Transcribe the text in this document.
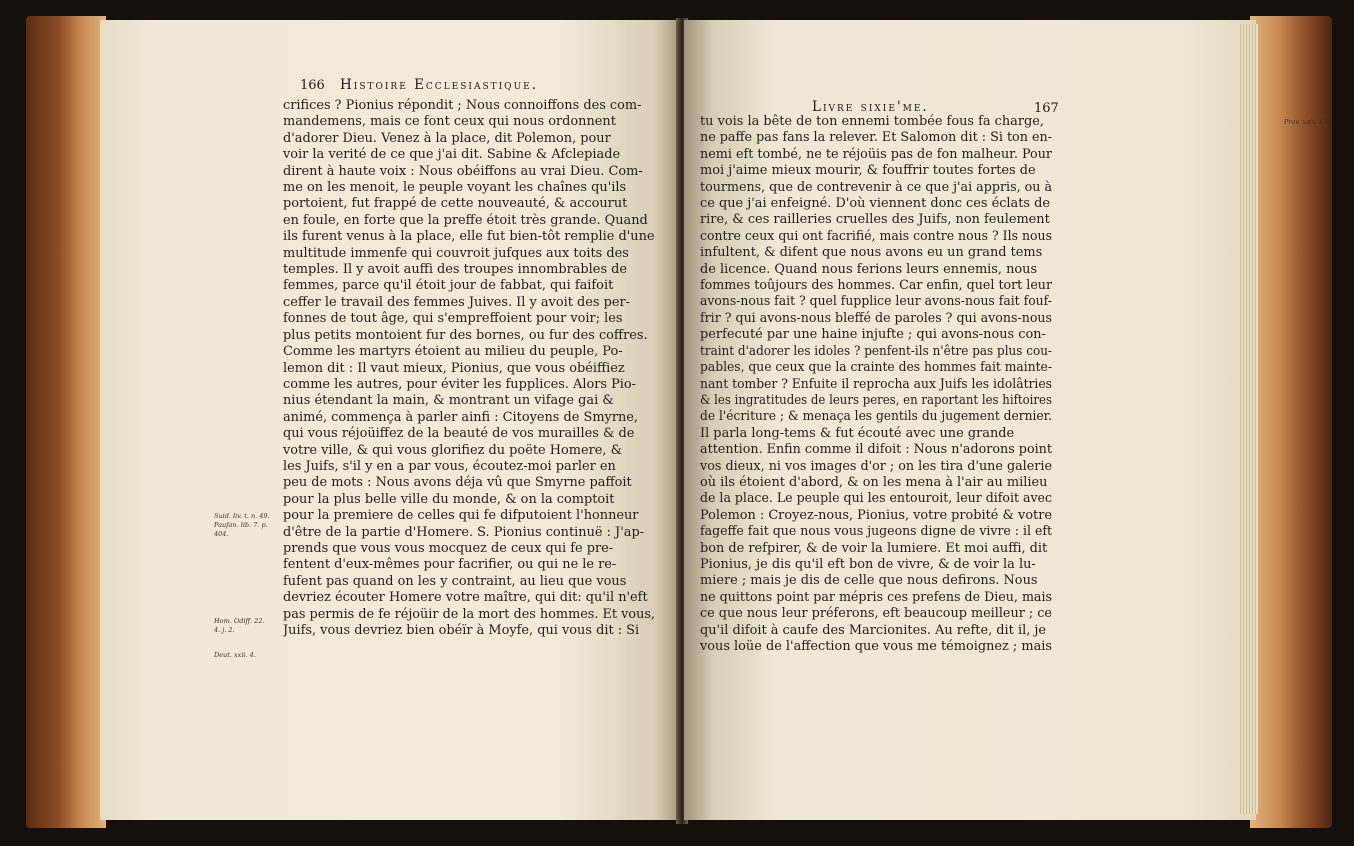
166 Histoire Ecclesiastique.
crifices ? Pionius répondit ; Nous connoiffons des com-
mandemens, mais ce font ceux qui nous ordonnent
d'adorer Dieu. Venez à la place, dit Polemon, pour
voir la verité de ce que j'ai dit. Sabine & Afclepiade
dirent à haute voix : Nous obéiffons au vrai Dieu. Com-
me on les menoit, le peuple voyant les chaînes qu'ils
portoient, fut frappé de cette nouveauté, & accourut
en foule, en forte que la preffe étoit très grande. Quand
ils furent venus à la place, elle fut bien-tôt remplie d'une
multitude immenfe qui couvroit jufques aux toits des
temples. Il y avoit auffi des troupes innombrables de
femmes, parce qu'il étoit jour de fabbat, qui faifoit
ceffer le travail des femmes Juives. Il y avoit des per-
fonnes de tout âge, qui s'empreffoient pour voir; les
plus petits montoient fur des bornes, ou fur des coffres.
Comme les martyrs étoient au milieu du peuple, Po-
lemon dit : Il vaut mieux, Pionius, que vous obéiffiez
comme les autres, pour éviter les fupplices. Alors Pio-
nius étendant la main, & montrant un vifage gai &
animé, commença à parler ainfi : Citoyens de Smyrne,
qui vous réjoüiffez de la beauté de vos murailles & de
votre ville, & qui vous glorifiez du poëte Homere, &
les Juifs, s'il y en a par vous, écoutez-moi parler en
peu de mots : Nous avons déja vû que Smyrne paffoit
pour la plus belle ville du monde, & on la comptoit
pour la premiere de celles qui fe difputoient l'honneur
d'être de la partie d'Homere. S. Pionius continuë : J'ap-
prends que vous vous mocquez de ceux qui fe pre-
fentent d'eux-mêmes pour facrifier, ou qui ne le re-
fufent pas quand on les y contraint, au lieu que vous
devriez écouter Homere votre maître, qui dit: qu'il n'eft
pas permis de fe réjoüir de la mort des hommes. Et vous,
Juifs, vous devriez bien obéïr à Moyfe, qui vous dit : Si
Suid. liv. t. n. 49.
Paufan. lib. 7. p.
404.
Hom. Odiff. 22.
4. j. 2.
Deut. xxii. 4.
Livre sixie'me.	167
tu vois la bête de ton ennemi tombée fous fa charge,
ne paffe pas fans la relever. Et Salomon dit : Si ton en-
nemi eft tombé, ne te réjoüis pas de fon malheur. Pour
moi j'aime mieux mourir, & fouffrir toutes fortes de
tourmens, que de contrevenir à ce que j'ai appris, ou à
ce que j'ai enfeigné. D'où viennent donc ces éclats de
rire, & ces railleries cruelles des Juifs, non feulement
contre ceux qui ont facrifié, mais contre nous ? Ils nous
infultent, & difent que nous avons eu un grand tems
de licence. Quand nous ferions leurs ennemis, nous
fommes toûjours des hommes. Car enfin, quel tort leur
avons-nous fait ? quel fupplice leur avons-nous fait fouf-
frir ? qui avons-nous bleffé de paroles ? qui avons-nous
perfecuté par une haine injufte ; qui avons-nous con-
traint d'adorer les idoles ? penfent-ils n'être pas plus cou-
pables, que ceux que la crainte des hommes fait mainte-
nant tomber ? Enfuite il reprocha aux Juifs les idolâtries
& les ingratitudes de leurs peres, en raportant les hiftoires
de l'écriture ; & menaça les gentils du jugement dernier.
Il parla long-tems & fut écouté avec une grande
attention. Enfin comme il difoit : Nous n'adorons point
vos dieux, ni vos images d'or ; on les tira d'une galerie
où ils étoient d'abord, & on les mena à l'air au milieu
de la place. Le peuple qui les entouroit, leur difoit avec
Polemon : Croyez-nous, Pionius, votre probité & votre
fageffe fait que nous vous jugeons digne de vivre : il eft
bon de refpirer, & de voir la lumiere. Et moi auffi, dit
Pionius, je dis qu'il eft bon de vivre, & de voir la lu-
miere ; mais je dis de celle que nous defirons. Nous
ne quittons point par mépris ces prefens de Dieu, mais
ce que nous leur préferons, eft beaucoup meilleur ; ce
qu'il difoit à caufe des Marcionites. Au refte, dit il, je
vous loüe de l'affection que vous me témoignez ; mais
Prov. xxiv. 17.
